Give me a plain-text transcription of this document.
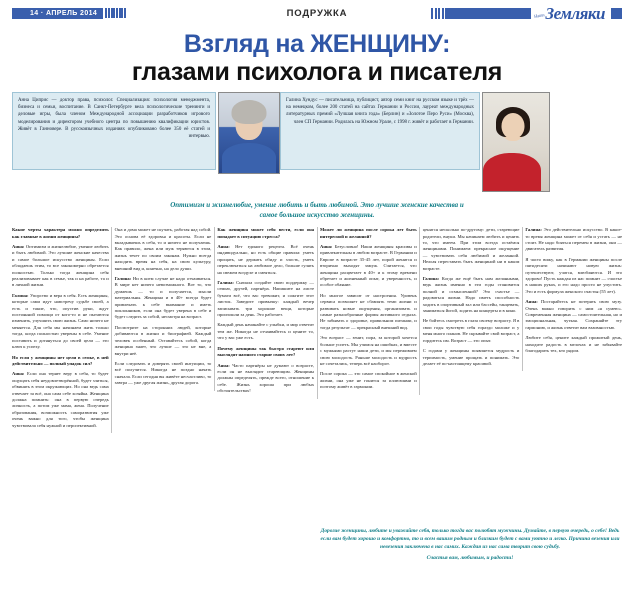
14 · АПРЕЛЬ 2014	ПОДРУЖКА	Наши Земляки
Взгляд на ЖЕНЩИНУ:
глазами психолога и писателя
Анна Циприс — доктор права, психолог. Специализация: психология менеджмента, бизнеса и семьи, воспитание. В Санкт-Петербурге вела психологические тренинги и деловые игры, была членом Международной ассоциации разработчиков игрового моделирования и директором учебного центра по повышению квалификации юристов. Живёт в Ганновере. В русскоязычных изданиях опубликовано более 350 её статей и интервью.
Галина Хундус — писательница, публицист, автор семи книг на русском языке и трёх — на немецком, более 200 статей на сайтах Германии и России, лауреат международных литературных премий «Лучшая книга года» (Берлин) и «Золотое Перо Руси» (Москва), член СП Германии. Родилась на Южном Урале, с 1998 г. живёт и работает в Германии.
Оптимизм и жизнелюбие, умение любить и быть любимой. Это лучшие женские качества и самое большое искусство женщины.

Какие черты характера можно определить как главные в жизни женщины?

Анна: Оптимизм и жизнелюбие, умение любить и быть любимой. Это лучшие женские качества и самое большое искусство женщины. Если обладаешь этим, то все закономерно обретается полностью. Только тогда женщина себя реализовывает как в семье, так и на работе, та и в личной жизни.

Галина: Упорство и вера в себя. Есть женщины, которые сами идут навстречу судьбе своей, а есть и такие, что, опустив руки, ждут постоянной помощи от кого-то и не пытаются изменить, улучшить свою жизнь. Само ничего не меняется. Для себя мы начинаем жить только тогда, когда полностью уверены в себе. Умение поставить и дотянуться до своей цели — это ключ к успеху.

Но если у женщины нет цели в семье, в ней действительно — полный упадок сил?

Анна: Если она теряет веру в себя, то будет ощущать себя неудовлетворённой, будет злиться, обвинять в этом окружающих. Но она ведь сама отвечает за всё, она сама себе хозяйка. Женщина должна помнить: она в первую очередь личность, а потом уже мама, жена. Получение образования, возможность саморазвития уже очень важно для того, чтобы женщина чувствовала себя нужной и перспективной.

Она и дома может не скучать, работая над собой. Это основа её здоровья и красоты. Если не вкладываешь в себя, то и ничего не получаешь. Как правило, жена или муж теряются в этом, жизнь течет по своим законам. Нужно всегда находить время на себя, на свою культуру, внешний вид и, конечно, на дело души.

Галина: Ни в коем случае не надо отчаиваться. В мире нет ничего невозможного. Вот то, что думаешь — то и получается, мысли материальны. Женщина и в 40+ всегда будет привлекать к себе внимание и иметь поклонников, если она будет уверена в себе и будет следить за собой, несмотря на возраст.

Посмотрите на сторонних людей, которые добиваются в жизни и биографией. Каждый человек особенный. Оставайтесь собой, когда женщина знает, что лучше — это не вне, а внутри неё.

Если следовать и доверять своей интуиции, то всё получится. Никогда не поздно начать сначала. Если сегодня вы живёте несчастливо, то завтра — уже другая жизнь, другая дорога.

Как женщина может себя вести, если она попадает в ситуацию стресса?

Анна: Нет единого рецепта. Всё очень индивидуально, но есть общие правила: уметь прощать, не держать обиду и злость, уметь переключаться на любимое дело, больше гулять на свежем воздухе и смеяться.

Галина: Сначала создайте свою поддержку — семью, друзей, партнёра. Напишите на листе бумаги всё, что вас тревожит, и сожгите этот листок. Заведите привычку: каждый вечер записывать три хорошие вещи, которые произошли за день. Это работает.

Каждый день начинайте с улыбки, и мир ответит тем же. Никогда не отчаивайтесь и цените то, что у вас уже есть.

Почему женщины так быстро стареют или выглядят намного старше своих лет?

Анна: Часто партнёры не думают о возрасте, если он не выглядит стареющим. Женщины должны определять, прежде всего, отношение к себе. Жизнь хороша при любых обстоятельствах!

Может ли женщина после сорока лет быть интересной и желанной?

Анна: Безусловно! Наши женщины красивы и привлекательны в любом возрасте. В Германии и Европе в возрасте 35-45 лет, порой женятся и вторично выходят замуж. Считается, что женщина расцветает в 40+ и к этому времени обретает и жизненный опыт, и уверенность, и особое обаяние.

Но многое зависит от настроения. Уровень сервиса позволяет не сбавлять темп жизни и развивать новые ощущения, организовать и самые разнообразные формы активного отдыха. Не забывать о здоровье, правильном питании, и тогда результат — прекрасный внешний вид.

Это возраст — зенит, пора, за которой хочется больше успеть. Мы учимся на ошибках, и вместе с мужьями растут наши дети, и мы переживаем свою молодость. Раньше молодость и мудрость не сочетались, теперь всё наоборот.

После сорока — это самое спокойное в женской жизни, она уже не гонится за иллюзиями и поэтому живёт в гармонии.

ценятся несколько по-другому: дети, стареющие родители, внуки. Мы начинаем любить и ценить то, что имеем. При этом всегда остаёмся женщинами. Понимаем: прекрасное ощущение — чувствовать себя любимой и желанной. Нельзя переставать быть женщиной ни в каком возрасте.

Галина: Когда же ещё быть нам желанными, ведь жизнь именно в эти годы становится полной и осмысленной? Это счастье — радоваться жизни. Надо иметь способность ходить в спортивный зал или бассейн, танцевать, заниматься йогой, ходить на концерты и в кино.

Не бойтесь смотреть в глаза своему возрасту. Я в свои годы чувствую себя гораздо моложе и у меня много планов. Не скрывайте свой возраст, а гордитесь им. Возраст — это опыт.

С годами у женщины появляется мудрость и терпимость, умение прощать и понимать. Это делает её по-настоящему красивой.

Галина: Это действительно искусство. В какое-то время женщина может от себя и устать — не стоит. Не надо бояться перемен в жизни, они — двигатель развития.

Я часто вижу, как в Германии женщины после пятидесяти начинают новую жизнь: путешествуют, учатся, влюбляются. И это здорово! Пусть каждая из нас помнит — счастье в наших руках, и его надо просто не упустить. Это и есть формула женского счастья (55 лет).

Анна: Постарайтесь не потерять свою музу. Очень важно говорить с ним «я сумею». Современная женщина — самостоятельная, но и эмоциональная, чуткая. Сохраняйте эту гармонию, и жизнь ответит вам взаимностью.

Любите себя, цените каждый прожитый день, находите радость в мелочах и не забывайте благодарить тех, кто рядом.

Дорогие женщины, любите и уважайте себя, только тогда вас полюбят мужчины. Думайте, в первую очередь, о себе! Ведь если вам будет хорошо и комфортно, то и всем вашим родным и близким будет с вами уютно и легко. Причина везения или невезения заключена в нас самих. Каждая из нас сама творит свою судьбу.
Счастья вам, любимым, и радости!
